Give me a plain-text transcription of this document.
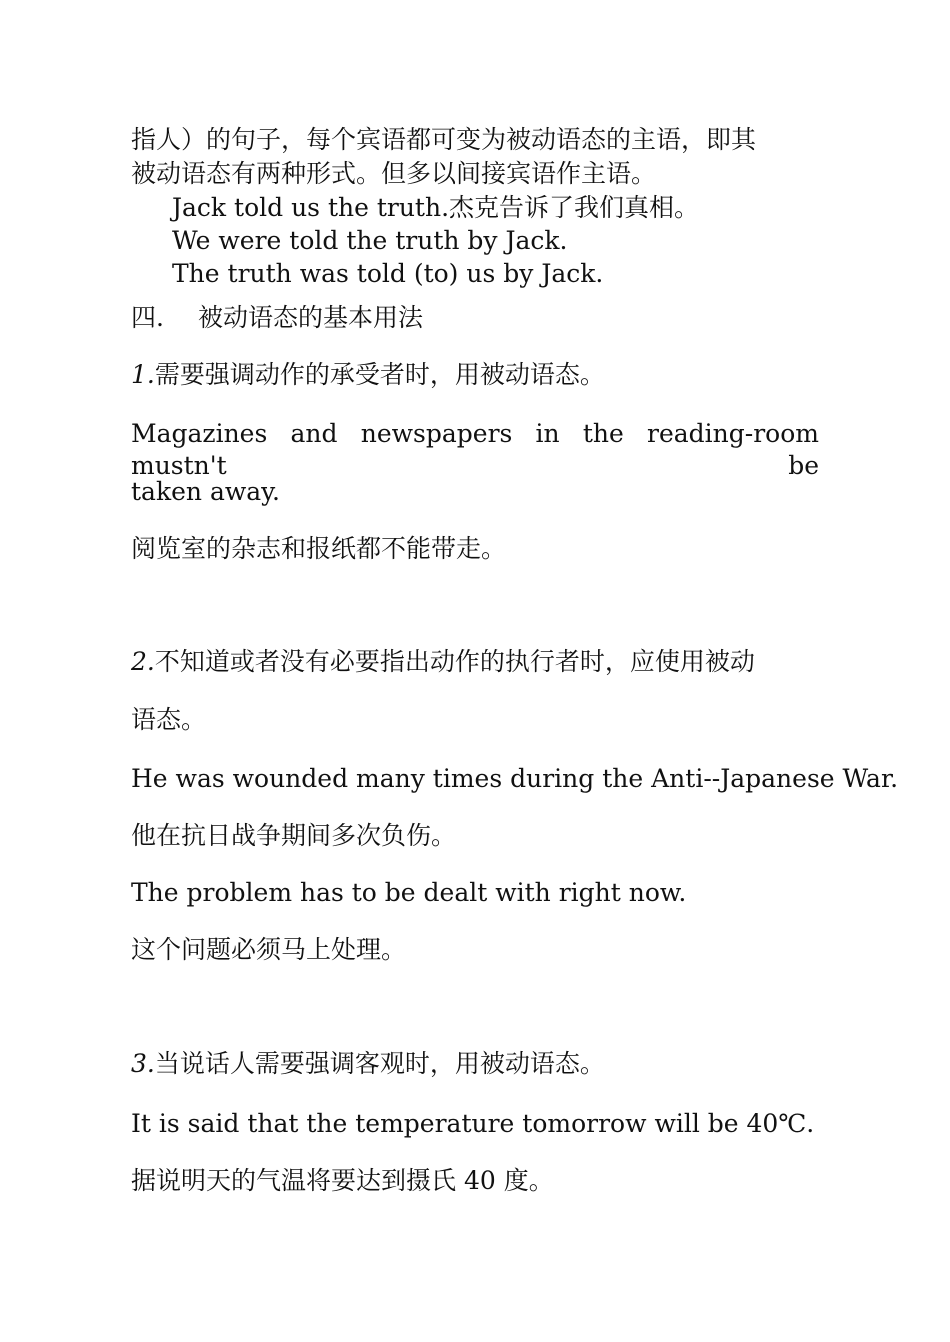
指人）的句子，每个宾语都可变为被动语态的主语，即其

被动语态有两种形式。但多以间接宾语作主语。

Jack told us the truth.杰克告诉了我们真相。

We were told the truth by Jack.

The truth was told (to) us by Jack.

四. 被动语态的基本用法

1.需要强调动作的承受者时，用被动语态。

Magazines and newspapers in the reading-room mustn't be

taken away.

阅览室的杂志和报纸都不能带走。

2.不知道或者没有必要指出动作的执行者时，应使用被动

语态。

He was wounded many times during the Anti--Japanese War.

他在抗日战争期间多次负伤。

The problem has to be dealt with right now.

这个问题必须马上处理。

3.当说话人需要强调客观时，用被动语态。

It is said that the temperature tomorrow will be 40℃.

据说明天的气温将要达到摄氏 40 度。
